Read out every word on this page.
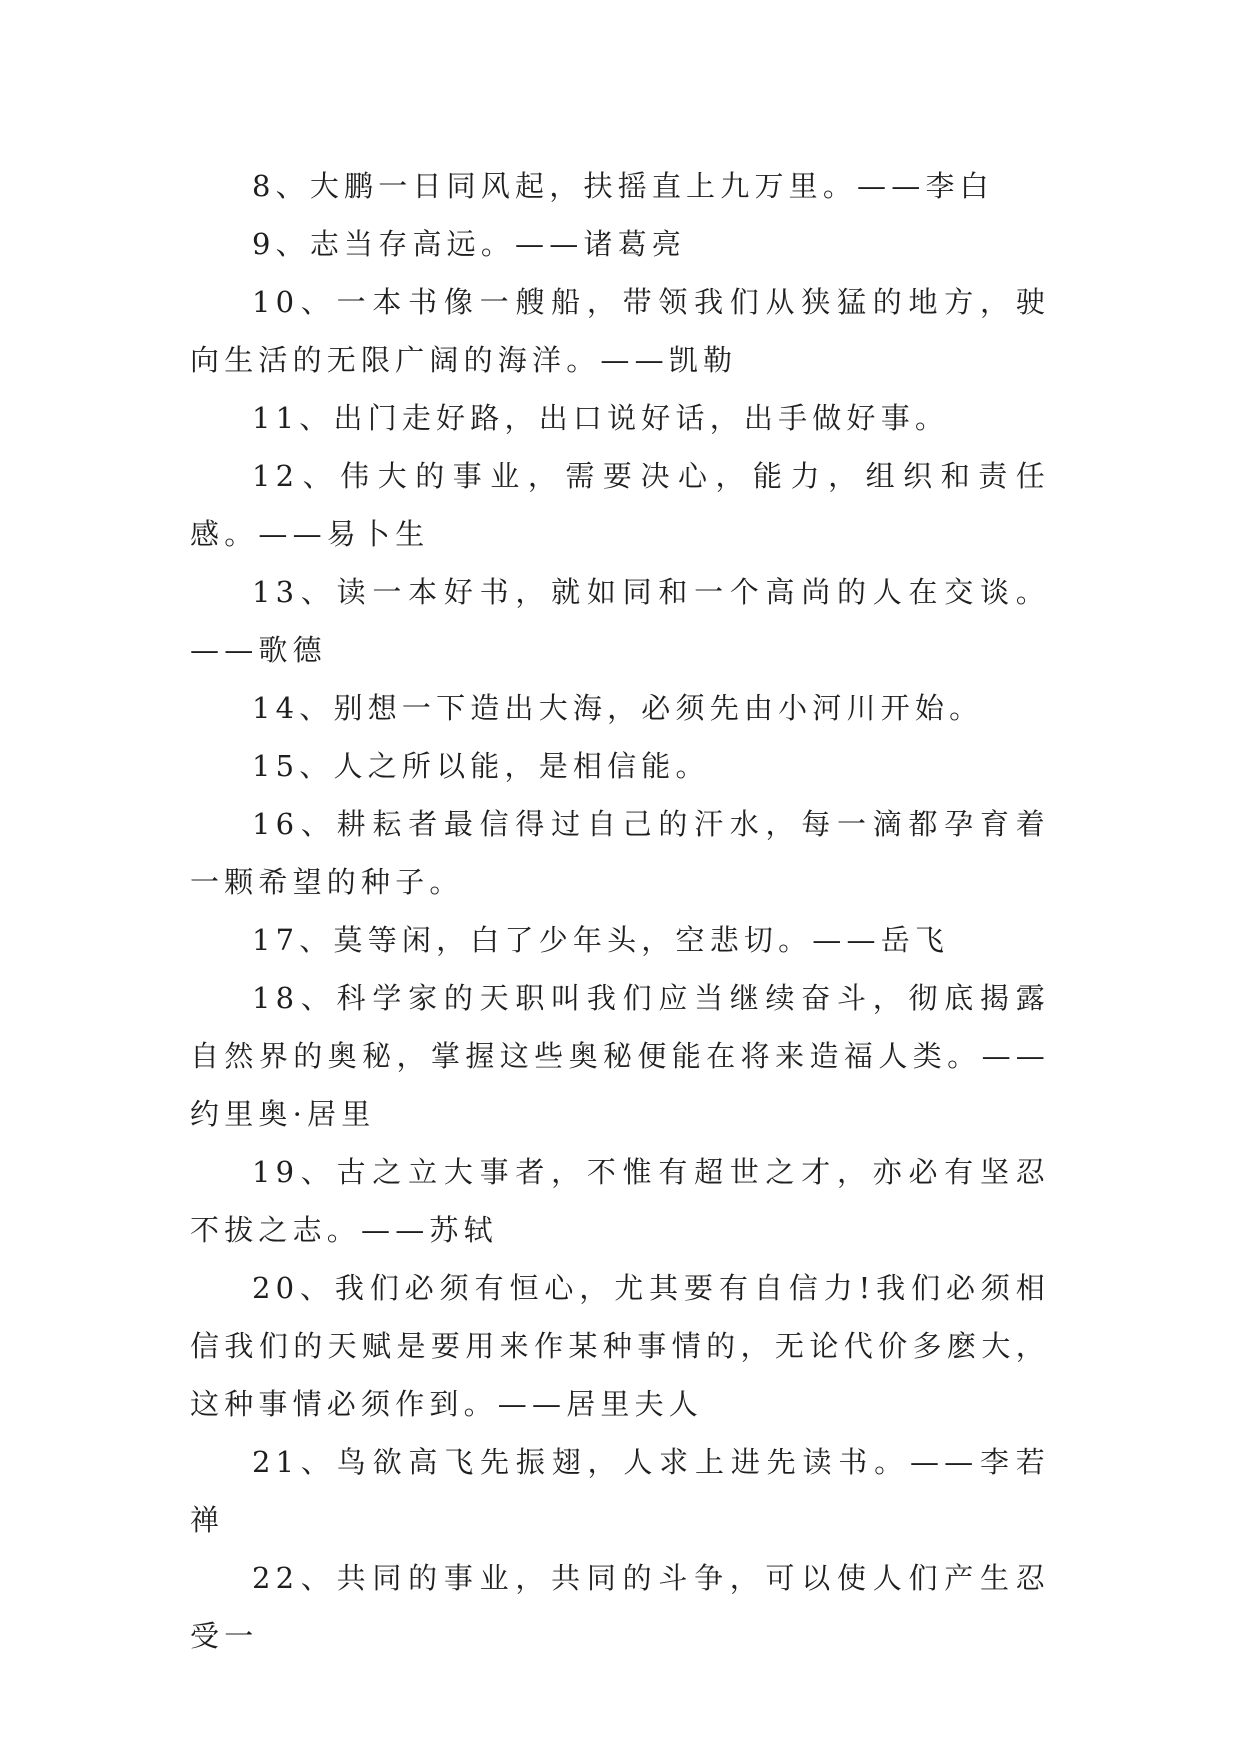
8、大鹏一日同风起，扶摇直上九万里。——李白

9、志当存高远。——诸葛亮

10、一本书像一艘船，带领我们从狭猛的地方，驶向生活的无限广阔的海洋。——凯勒

11、出门走好路，出口说好话，出手做好事。

12、伟大的事业，需要决心，能力，组织和责任感。——易卜生

13、读一本好书，就如同和一个高尚的人在交谈。——歌德

14、别想一下造出大海，必须先由小河川开始。

15、人之所以能，是相信能。

16、耕耘者最信得过自己的汗水，每一滴都孕育着一颗希望的种子。

17、莫等闲，白了少年头，空悲切。——岳飞

18、科学家的天职叫我们应当继续奋斗，彻底揭露自然界的奥秘，掌握这些奥秘便能在将来造福人类。——约里奥·居里

19、古之立大事者，不惟有超世之才，亦必有坚忍不拔之志。——苏轼

20、我们必须有恒心，尤其要有自信力!我们必须相信我们的天赋是要用来作某种事情的，无论代价多麽大，这种事情必须作到。——居里夫人

21、鸟欲高飞先振翅，人求上进先读书。——李若禅

22、共同的事业，共同的斗争，可以使人们产生忍受一
